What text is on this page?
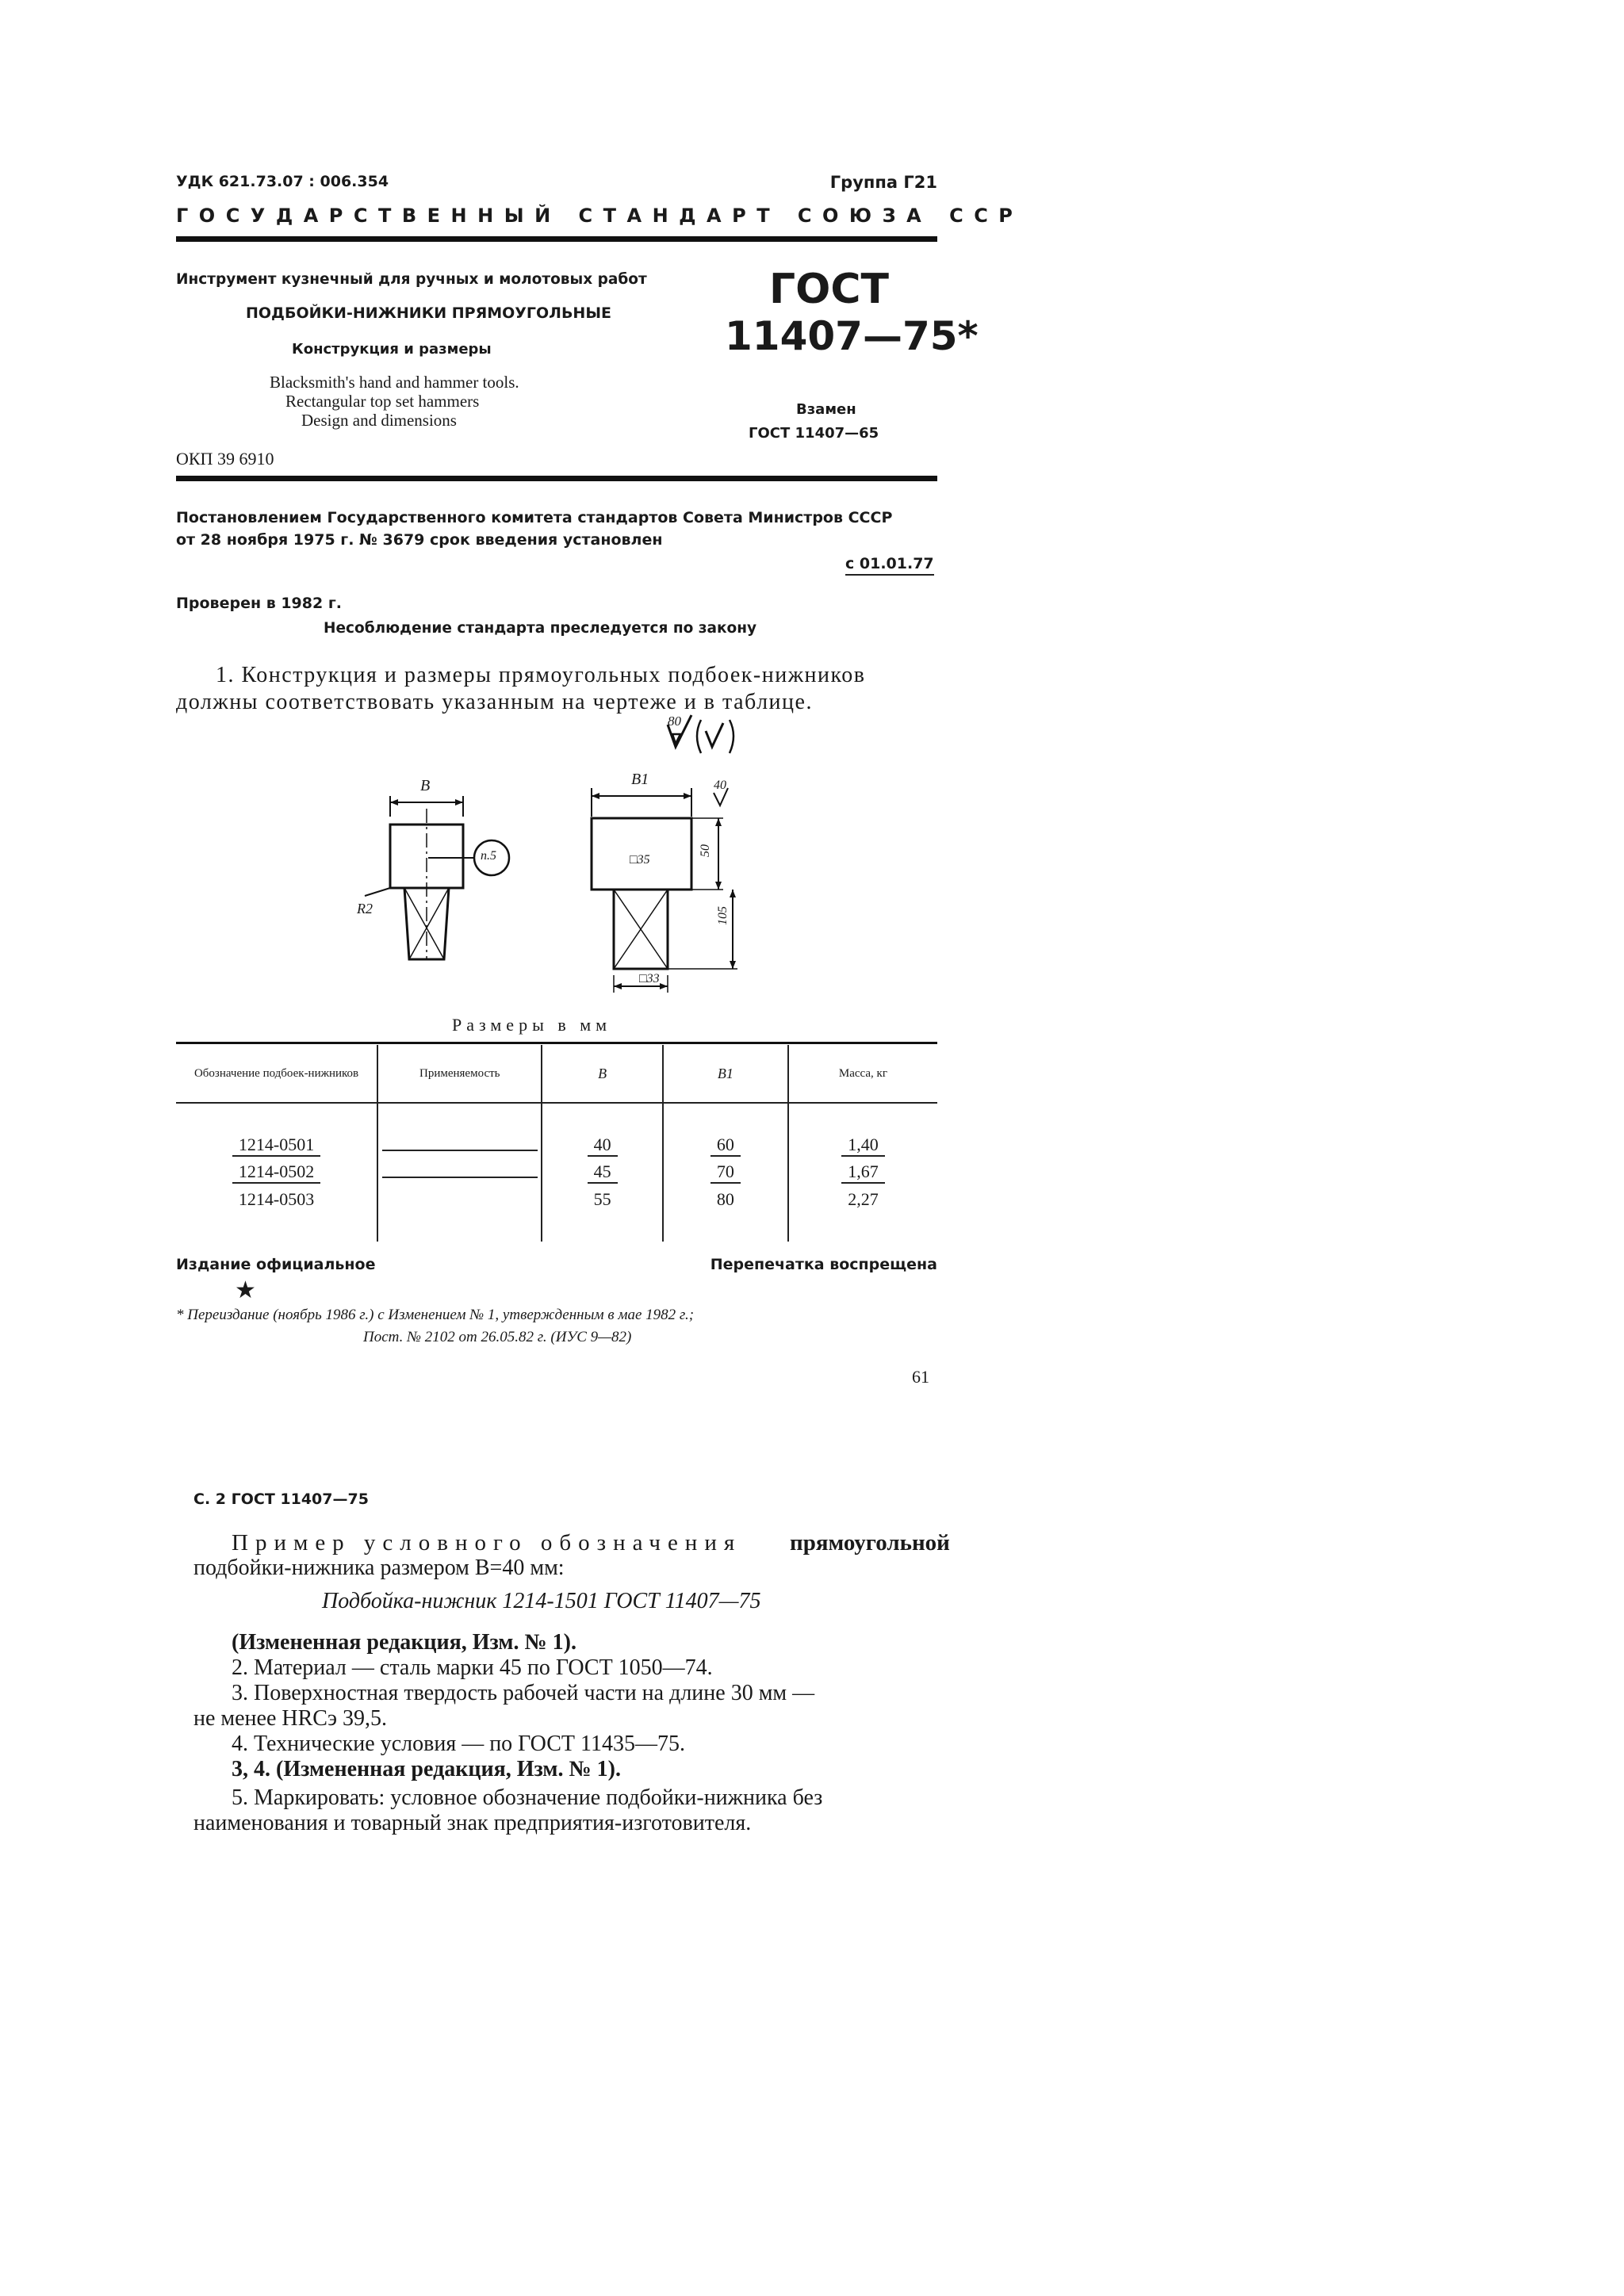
УДК 621.73.07 : 006.354	Группа Г21
ГОСУДАРСТВЕННЫЙ СТАНДАРТ СОЮЗА ССР
Инструмент кузнечный для ручных и молотовых работ
ПОДБОЙКИ-НИЖНИКИ ПРЯМОУГОЛЬНЫЕ
Конструкция и размеры
Blacksmith's hand and hammer tools.
Rectangular top set hammers
Design and dimensions
ГОСТ
11407—75*
Взамен
ГОСТ 11407—65
ОКП 39 6910
Постановлением Государственного комитета стандартов Совета Министров СССР
от 28 ноября 1975 г. № 3679 срок введения установлен
с 01.01.77
Проверен в 1982 г.
Несоблюдение стандарта преследуется по закону
1. Конструкция и размеры прямоугольных подбоек-нижников
должны соответствовать указанным на чертеже и в таблице.
80
B	B1
R2
п.5	□35
□33
40
50
105
Размеры в мм
Обозначение подбоек-нижников	Применяемость	B	B1	Масса, кг

1214-0501		40	60	1,40
1214-0502		45	70	1,67
1214-0503		55	80	2,27

Издание официальное	Перепечатка воспрещена
★
* Переиздание (ноябрь 1986 г.) с Изменением № 1, утвержденным в мае 1982 г.;
Пост. № 2102 от 26.05.82 г. (ИУС 9—82)
61
С. 2 ГОСТ 11407—75
Пример условного обозначения прямоугольной
подбойки-нижника размером B=40 мм:
Подбойка-нижник 1214-1501 ГОСТ 11407—75
(Измененная редакция, Изм. № 1).
2. Материал — сталь марки 45 по ГОСТ 1050—74.
3. Поверхностная твердость рабочей части на длине 30 мм —
не менее HRCэ 39,5.
4. Технические условия — по ГОСТ 11435—75.
3, 4. (Измененная редакция, Изм. № 1).
5. Маркировать: условное обозначение подбойки-нижника без
наименования и товарный знак предприятия-изготовителя.
